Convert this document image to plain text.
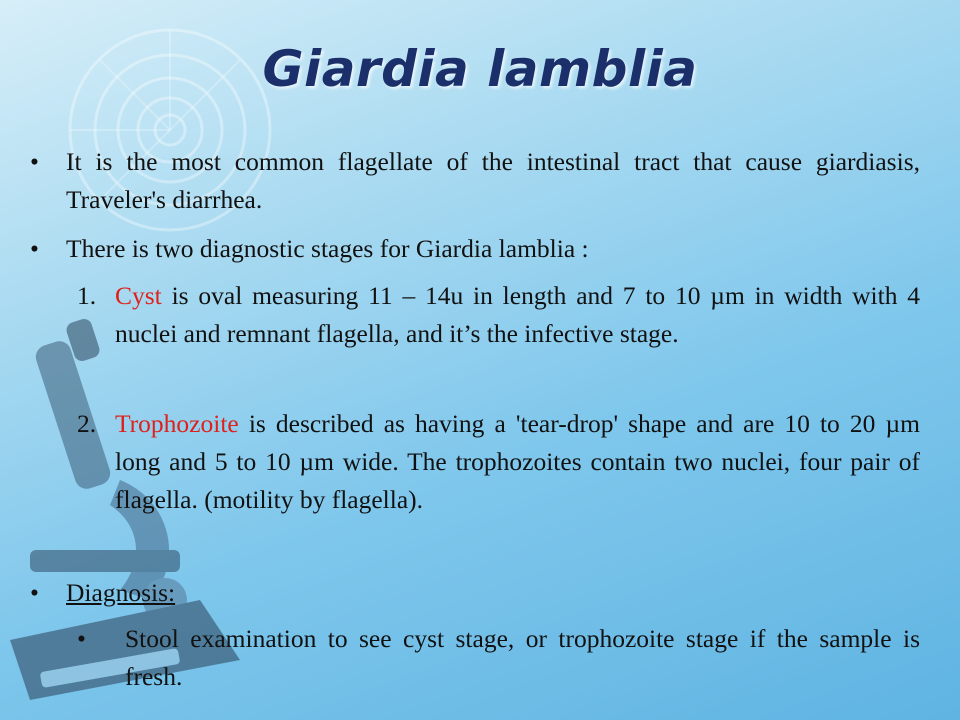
Giardia lamblia
• It is the most common flagellate of the intestinal tract that cause giardiasis, Traveler's diarrhea.
• There is two diagnostic stages for Giardia lamblia :
1. Cyst is oval measuring 11 – 14u in length and 7 to 10 µm in width with 4 nuclei and remnant flagella, and it’s the infective stage.
2. Trophozoite is described as having a 'tear-drop' shape and are 10 to 20 µm long and 5 to 10 µm wide. The trophozoites contain two nuclei, four pair of flagella. (motility by flagella).
• Diagnosis:
• Stool examination to see cyst stage, or trophozoite stage if the sample is fresh.
